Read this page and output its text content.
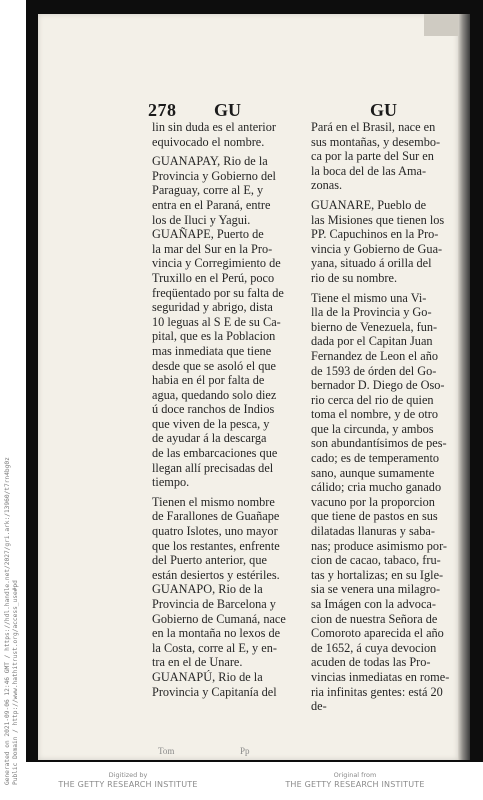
Generated on 2021-09-06 12:46 GMT / https://hdl.handle.net/2027/gri.ark:/13960/t7rn4bg0z Public Domain / http://www.hathitrust.org/access_use#pd
278 GU	GU
lin sin duda es el anterior
equivocado el nombre.
GUANAPAY, Rio de la
Provincia y Gobierno del
Paraguay, corre al E, y
entra en el Paraná, entre
los de Iluci y Yagui.
GUAÑAPE, Puerto de
la mar del Sur en la Pro-
vincia y Corregimiento de
Truxillo en el Perú, poco
freqüentado por su falta de
seguridad y abrigo, dista
10 leguas al S E de su Ca-
pital, que es la Poblacion
mas inmediata que tiene
desde que se asoló el que
habia en él por falta de
agua, quedando solo diez
ú doce ranchos de Indios
que viven de la pesca, y
de ayudar á la descarga
de las embarcaciones que
llegan allí precisadas del
tiempo.
Tienen el mismo nombre
de Farallones de Guañape
quatro Islotes, uno mayor
que los restantes, enfrente
del Puerto anterior, que
están desiertos y estériles.
GUANAPO, Rio de la
Provincia de Barcelona y
Gobierno de Cumaná, nace
en la montaña no lexos de
la Costa, corre al E, y en-
tra en el de Unare.
GUANAPÚ, Rio de la
Provincia y Capitanía del
Pará en el Brasil, nace en
sus montañas, y desembo-
ca por la parte del Sur en
la boca del de las Ama-
zonas.
GUANARE, Pueblo de
las Misiones que tienen los
PP. Capuchinos en la Pro-
vincia y Gobierno de Gua-
yana, situado á orilla del
rio de su nombre.
Tiene el mismo una Vi-
lla de la Provincia y Go-
bierno de Venezuela, fun-
dada por el Capitan Juan
Fernandez de Leon el año
de 1593 de órden del Go-
bernador D. Diego de Oso-
rio cerca del rio de quien
toma el nombre, y de otro
que la circunda, y ambos
son abundantísimos de pes-
cado; es de temperamento
sano, aunque sumamente
cálido; cria mucho ganado
vacuno por la proporcion
que tiene de pastos en sus
dilatadas llanuras y saba-
nas; produce asimismo por-
cion de cacao, tabaco, fru-
tas y hortalizas; en su Igle-
sia se venera una milagro-
sa Imágen con la advoca-
cion de nuestra Señora de
Comoroto aparecida el año
de 1652, á cuya devocion
acuden de todas las Pro-
vincias inmediatas en rome-
ria infinitas gentes: está 20
de-
Tom	Pp
Digitized by
THE GETTY RESEARCH INSTITUTE
Original from
THE GETTY RESEARCH INSTITUTE
